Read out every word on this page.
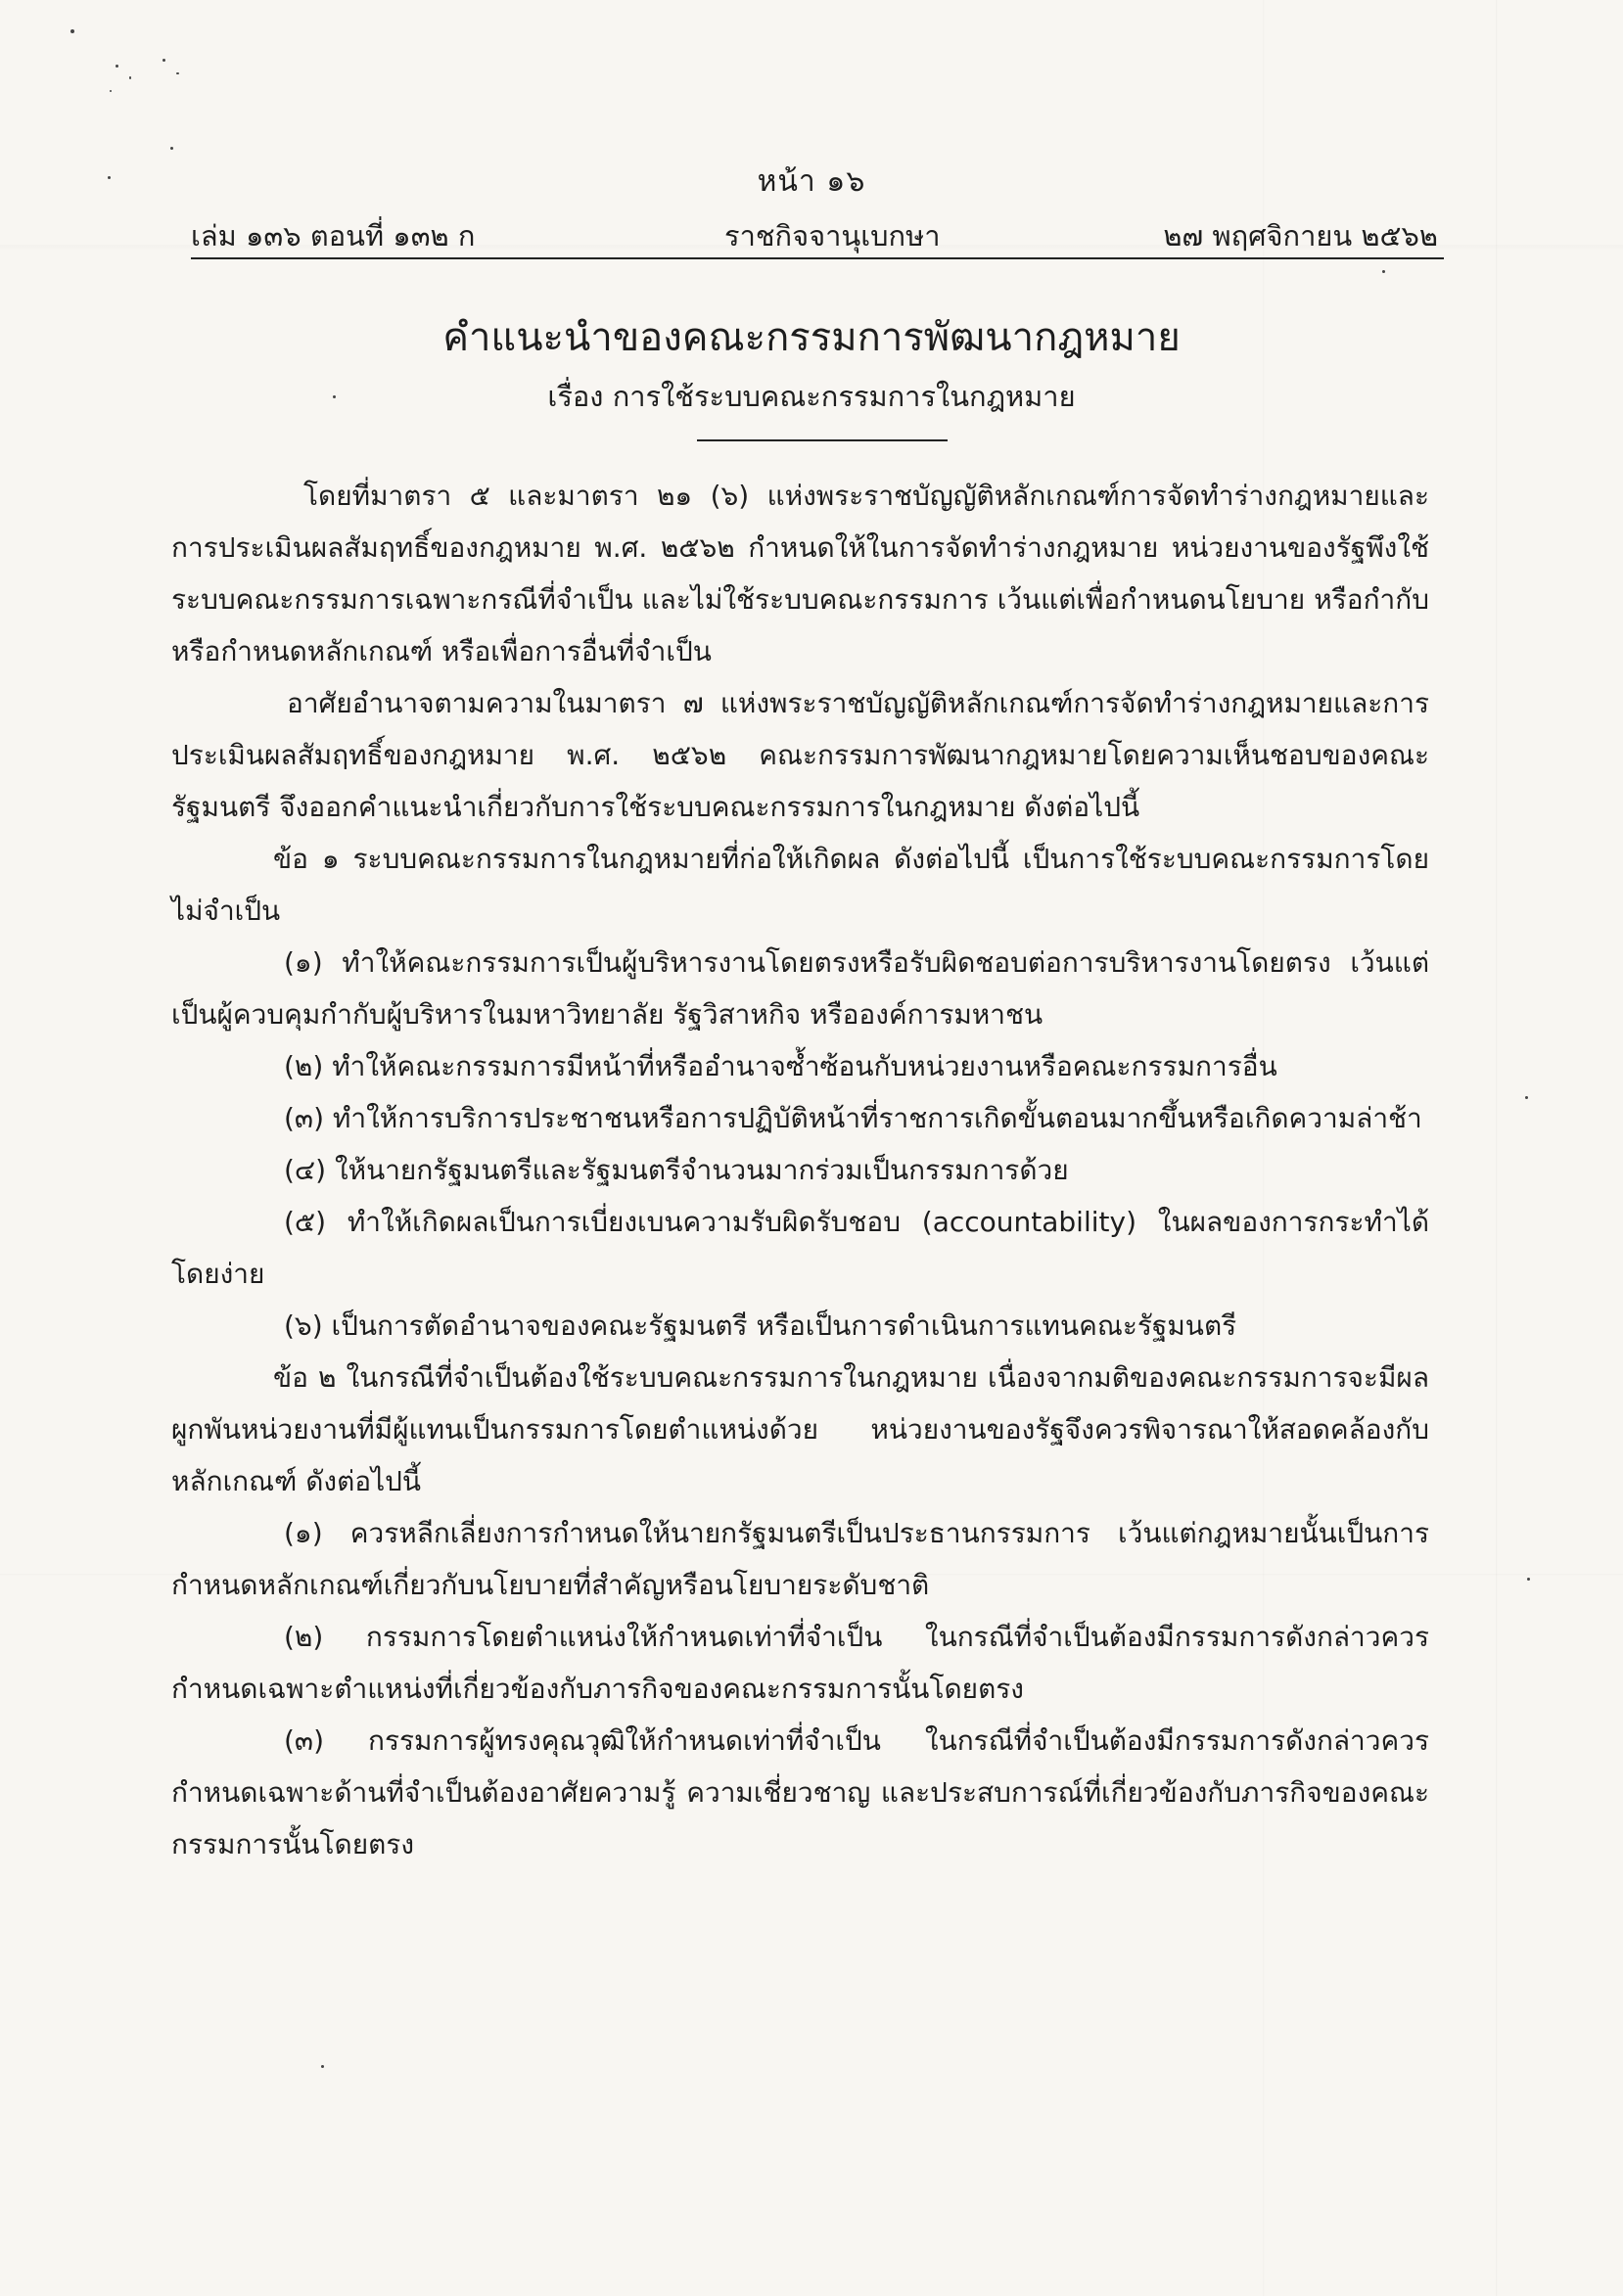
หน้า ๑๖
เล่ม ๑๓๖ ตอนที่ ๑๓๒ ก	ราชกิจจานุเบกษา	๒๗ พฤศจิกายน ๒๕๖๒
คำแนะนำของคณะกรรมการพัฒนากฎหมาย
เรื่อง การใช้ระบบคณะกรรมการในกฎหมาย

โดยที่มาตรา ๕ และมาตรา ๒๑ (๖) แห่งพระราชบัญญัติหลักเกณฑ์การจัดทำร่างกฎหมายและการประเมินผลสัมฤทธิ์ของกฎหมาย พ.ศ. ๒๕๖๒ กำหนดให้ในการจัดทำร่างกฎหมาย หน่วยงานของรัฐพึงใช้ระบบคณะกรรมการเฉพาะกรณีที่จำเป็น และไม่ใช้ระบบคณะกรรมการ เว้นแต่เพื่อกำหนดนโยบาย หรือกำกับ หรือกำหนดหลักเกณฑ์ หรือเพื่อการอื่นที่จำเป็น

อาศัยอำนาจตามความในมาตรา ๗ แห่งพระราชบัญญัติหลักเกณฑ์การจัดทำร่างกฎหมายและการประเมินผลสัมฤทธิ์ของกฎหมาย พ.ศ. ๒๕๖๒ คณะกรรมการพัฒนากฎหมายโดยความเห็นชอบของคณะรัฐมนตรี จึงออกคำแนะนำเกี่ยวกับการใช้ระบบคณะกรรมการในกฎหมาย ดังต่อไปนี้

ข้อ ๑ ระบบคณะกรรมการในกฎหมายที่ก่อให้เกิดผล ดังต่อไปนี้ เป็นการใช้ระบบคณะกรรมการโดยไม่จำเป็น

(๑) ทำให้คณะกรรมการเป็นผู้บริหารงานโดยตรงหรือรับผิดชอบต่อการบริหารงานโดยตรง เว้นแต่เป็นผู้ควบคุมกำกับผู้บริหารในมหาวิทยาลัย รัฐวิสาหกิจ หรือองค์การมหาชน

(๒) ทำให้คณะกรรมการมีหน้าที่หรืออำนาจซ้ำซ้อนกับหน่วยงานหรือคณะกรรมการอื่น

(๓) ทำให้การบริการประชาชนหรือการปฏิบัติหน้าที่ราชการเกิดขั้นตอนมากขึ้นหรือเกิดความล่าช้า

(๔) ให้นายกรัฐมนตรีและรัฐมนตรีจำนวนมากร่วมเป็นกรรมการด้วย

(๕) ทำให้เกิดผลเป็นการเบี่ยงเบนความรับผิดรับชอบ (accountability) ในผลของการกระทำได้โดยง่าย

(๖) เป็นการตัดอำนาจของคณะรัฐมนตรี หรือเป็นการดำเนินการแทนคณะรัฐมนตรี

ข้อ ๒ ในกรณีที่จำเป็นต้องใช้ระบบคณะกรรมการในกฎหมาย เนื่องจากมติของคณะกรรมการจะมีผลผูกพันหน่วยงานที่มีผู้แทนเป็นกรรมการโดยตำแหน่งด้วย หน่วยงานของรัฐจึงควรพิจารณาให้สอดคล้องกับหลักเกณฑ์ ดังต่อไปนี้

(๑) ควรหลีกเลี่ยงการกำหนดให้นายกรัฐมนตรีเป็นประธานกรรมการ เว้นแต่กฎหมายนั้นเป็นการกำหนดหลักเกณฑ์เกี่ยวกับนโยบายที่สำคัญหรือนโยบายระดับชาติ

(๒) กรรมการโดยตำแหน่งให้กำหนดเท่าที่จำเป็น ในกรณีที่จำเป็นต้องมีกรรมการดังกล่าวควรกำหนดเฉพาะตำแหน่งที่เกี่ยวข้องกับภารกิจของคณะกรรมการนั้นโดยตรง

(๓) กรรมการผู้ทรงคุณวุฒิให้กำหนดเท่าที่จำเป็น ในกรณีที่จำเป็นต้องมีกรรมการดังกล่าวควรกำหนดเฉพาะด้านที่จำเป็นต้องอาศัยความรู้ ความเชี่ยวชาญ และประสบการณ์ที่เกี่ยวข้องกับภารกิจของคณะกรรมการนั้นโดยตรง
